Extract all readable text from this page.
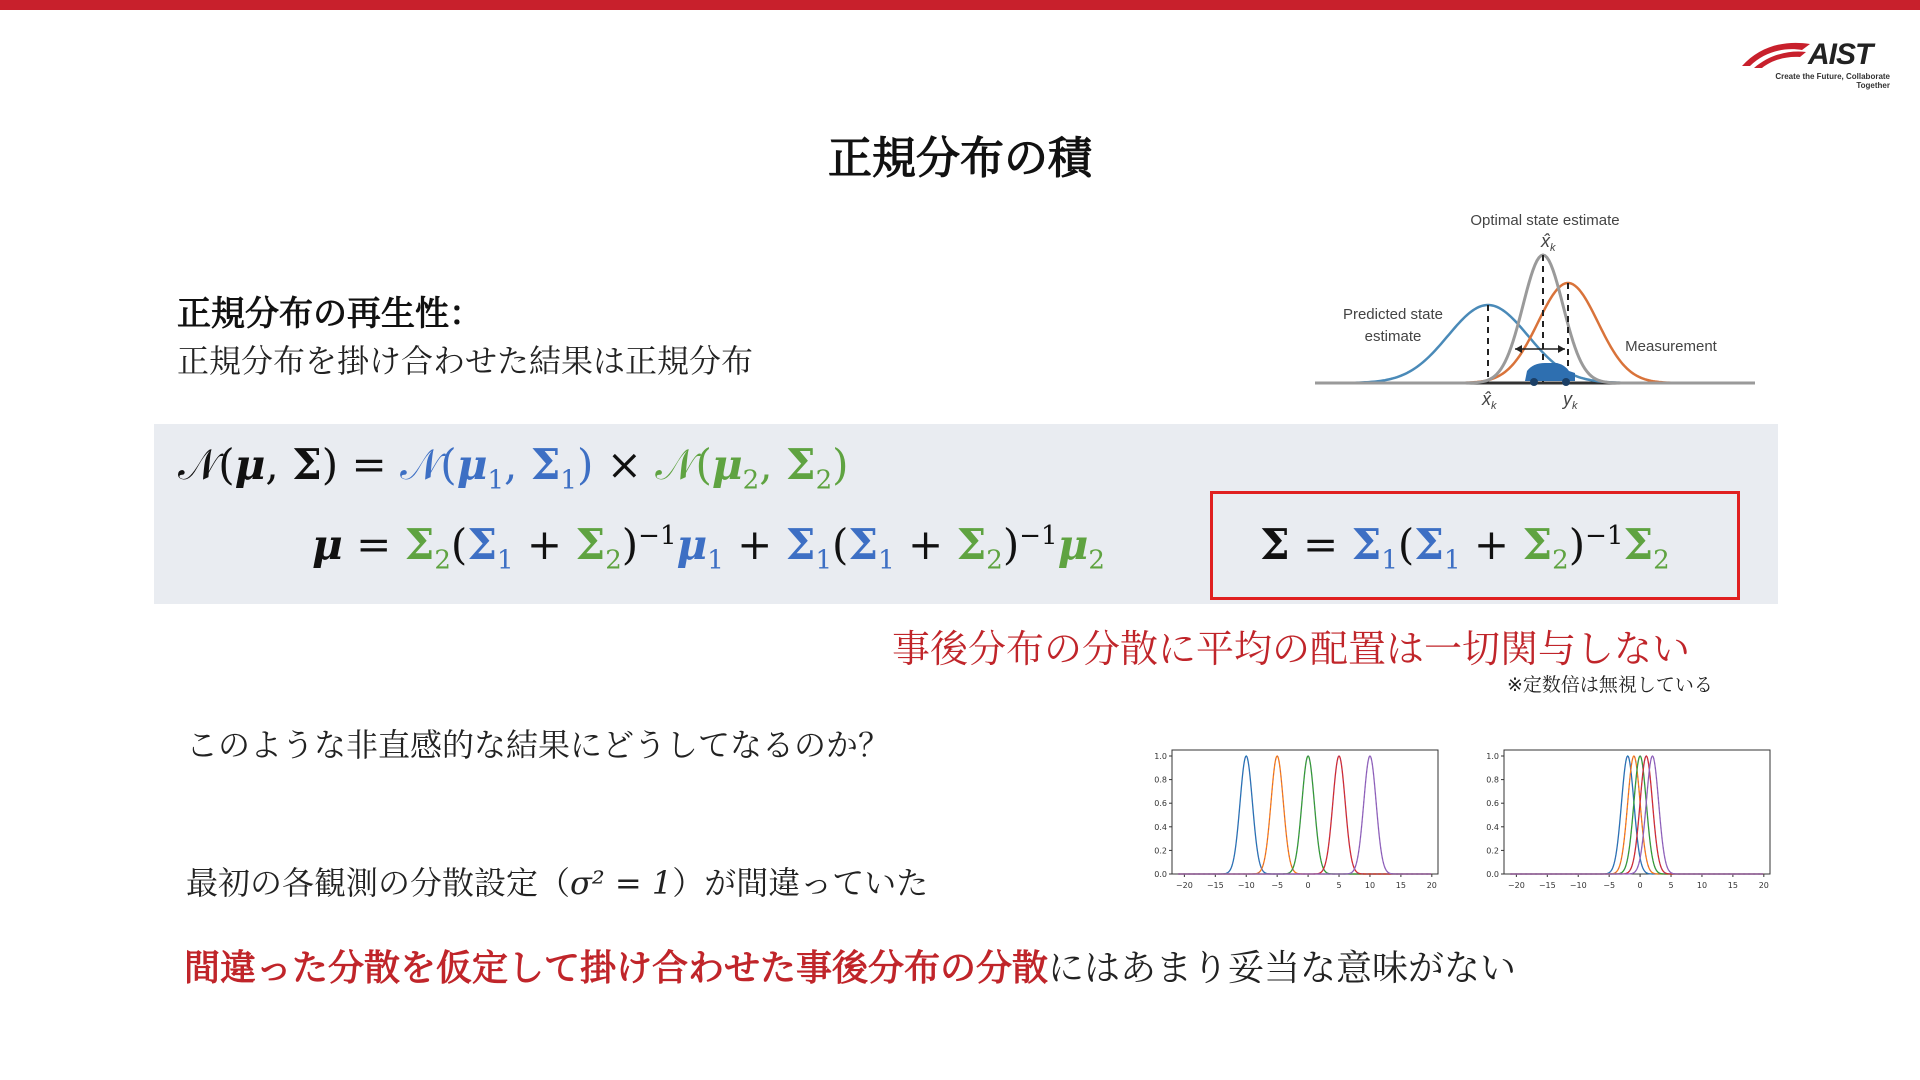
AIST
Create the Future, Collaborate Together
正規分布の積
正規分布の再生性：
正規分布を掛け合わせた結果は正規分布
Optimal state estimate
$x̂_k$
Predicted state
estimate
Measurement
$x̂_k$	$y_k$
𝒩(μ, $\Sigma) = 𝒩(\mu_1$, $\Sigma_1$) × $𝒩(\mu_2$, $\Sigma_2$)
$\mu = \Sigma_2(\Sigma_1 + \Sigma_2)^{-1}\mu_1 + \Sigma_1(\Sigma_1 + \Sigma_2)^{-1}\mu_2$	$\Sigma = \Sigma_1(\Sigma_1 + \Sigma_2)^{-1}\Sigma_2$
事後分布の分散に平均の配置は一切関与しない
※定数倍は無視している
このような非直感的な結果にどうしてなるのか？
最初の各観測の分散設定（σ² = 1）が間違っていた
間違った分散を仮定して掛け合わせた事後分布の分散にはあまり妥当な意味がない
0.0
0.2
0.4
0.6
0.8
1.0
−20 −15 −10 −5	0	5	10	15	20
0.0
0.2
0.4
0.6
0.8
1.0
−20 −15 −10 −5	0	5	10	15	20
